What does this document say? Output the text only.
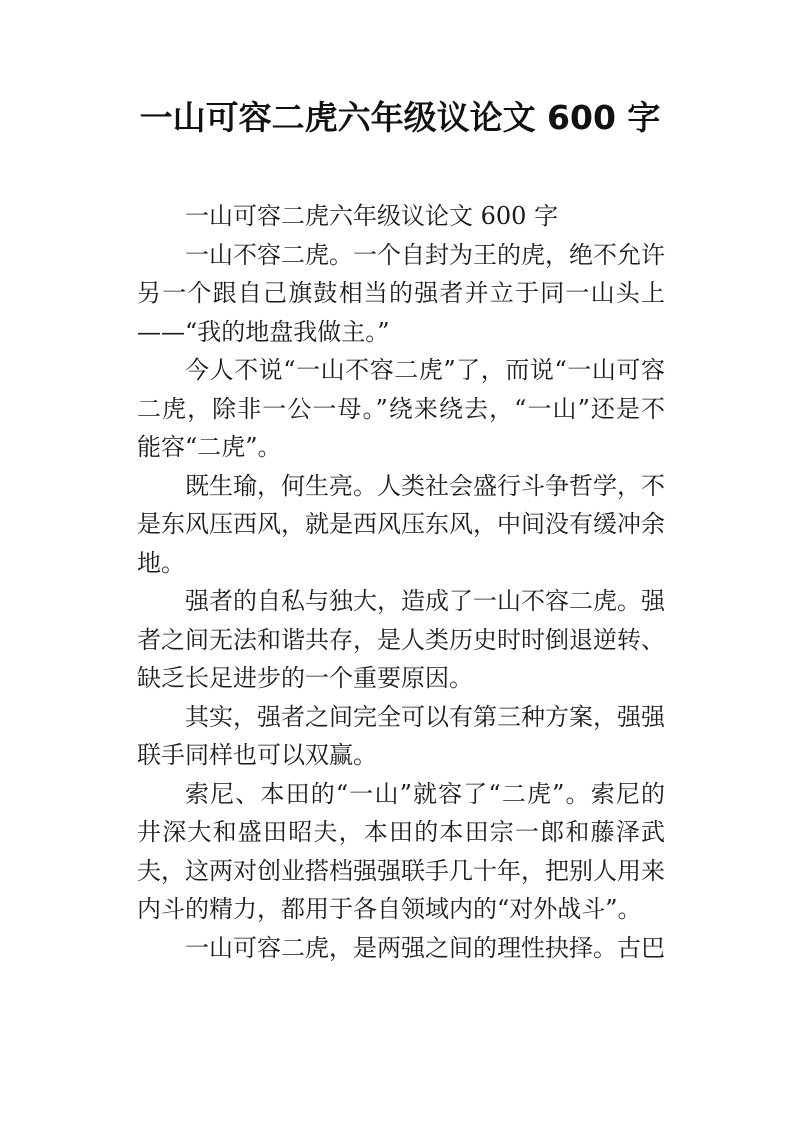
一山可容二虎六年级议论文 600 字

一山可容二虎六年级议论文 600 字

一山不容二虎。一个自封为王的虎，绝不允许另一个跟自己旗鼓相当的强者并立于同一山头上——“我的地盘我做主。”

今人不说“一山不容二虎”了，而说“一山可容二虎，除非一公一母。”绕来绕去，“一山”还是不能容“二虎”。

既生瑜，何生亮。人类社会盛行斗争哲学，不是东风压西风，就是西风压东风，中间没有缓冲余地。

强者的自私与独大，造成了一山不容二虎。强者之间无法和谐共存，是人类历史时时倒退逆转、缺乏长足进步的一个重要原因。

其实，强者之间完全可以有第三种方案，强强联手同样也可以双赢。

索尼、本田的“一山”就容了“二虎”。索尼的井深大和盛田昭夫，本田的本田宗一郎和藤泽武夫，这两对创业搭档强强联手几十年，把别人用来内斗的精力，都用于各自领域内的“对外战斗”。

一山可容二虎，是两强之间的理性抉择。古巴
